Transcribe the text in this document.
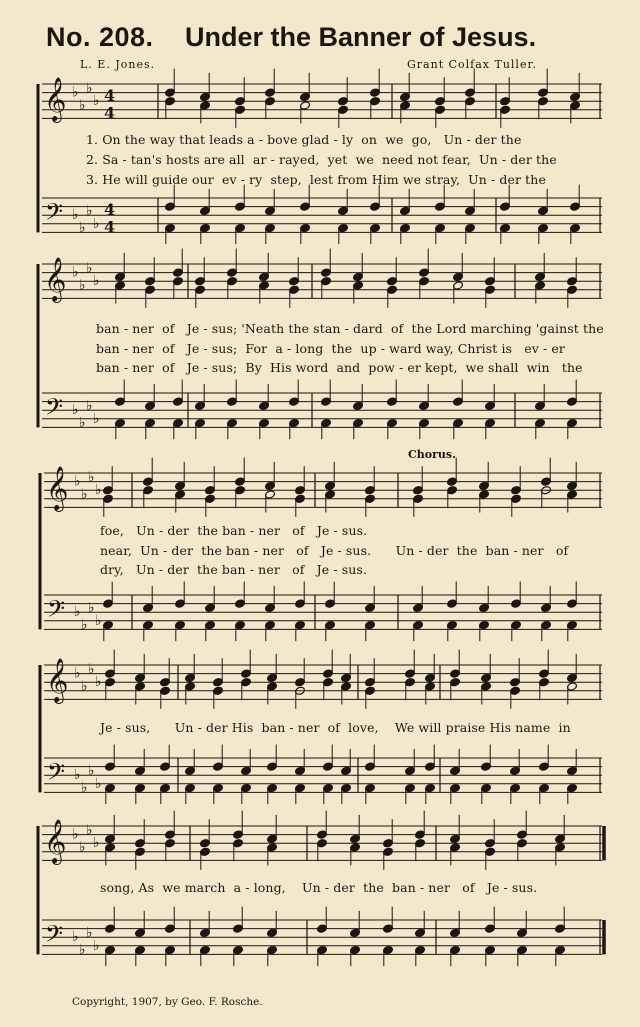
No. 208. Under the Banner of Jesus.
L. E. Jones.	Grant Colfax Tuller.
𝄞
𝄢
♭
♭
♭
♭
♭
♭
♭
♭
4
4
4
4
𝄞
𝄢
♭
♭
♭
♭
♭
♭
♭
♭
𝄞
𝄢
♭
♭
♭
♭
♭
♭
♭
♭
𝄞
𝄢
♭
♭
♭
♭
♭
♭
♭
♭
𝄞
𝄢
♭
♭
♭
♭
♭
♭
♭
♭
1. On the way that leads a - bove glad - ly  on  we  go,   Un - der the
2. Sa - tan's hosts are all  ar - rayed,  yet  we  need not fear,  Un - der the
3. He will guide our  ev - ry  step,  lest from Him we stray,  Un - der the
ban - ner  of   Je - sus; 'Neath the stan - dard  of  the Lord marching 'gainst the
ban - ner  of   Je - sus;  For  a - long  the  up - ward way, Christ is   ev - er
ban - ner  of   Je - sus;  By  His word  and  pow - er kept,  we shall  win   the
Chorus.
foe,   Un - der  the ban - ner   of   Je - sus.
near,  Un - der  the ban - ner   of   Je - sus.      Un - der  the  ban - ner   of
dry,   Un - der  the ban - ner   of   Je - sus.
Je - sus,      Un - der His  ban - ner  of  love,    We will praise His name  in
song, As  we march  a - long,    Un - der  the  ban - ner   of   Je - sus.
Copyright, 1907, by Geo. F. Rosche.
